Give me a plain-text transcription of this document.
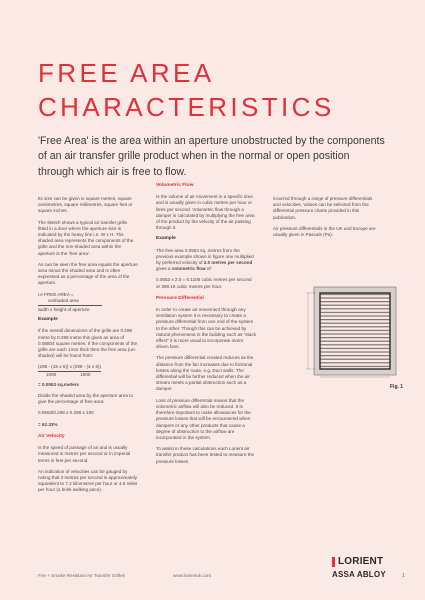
FREE AREA
CHARACTERISTICS

'Free Area' is the area within an aperture unobstructed by the components of an air transfer grille product when in the normal or open position through which air is free to flow.

Its size can be given in square metres, square centimetres, square millimetres, square feet or square inches.

The sketch shows a typical air transfer grille fitted in a door where the aperture size is indicated by the heavy line i.e. W x H. The shaded area represents the components of the grille and the non-shaded area within the aperture is the 'free area'.

As can be seen the free area equals the aperture area minus the shaded area and is often expressed as a percentage of the area of the aperture.

i.e FREE AREA =
unshaded area
width x height of aperture

Example

If the overall dimensions of the grille are 0.298 metre by 0.298 metre this gives an area of 0.08804 square metres. If the components of the grille are each 1mm thick then the free area (un-shaded) will be found from:

(298 - (15 x 6)) x (298 - (4 x 6))
1000	1000

= 0.0553 sq.meters

Divide the shaded area by the aperture area to give the percentage of free area:

0.0553/0.298 x 0.298 x 100

= 62.33%

Air Velocity

Is the speed of passage of air and is usually measured in metres per second or in imperial terms in feet per second.

An indication of velocities can be gauged by noting that 2 metres per second is approximately equivalent to 7.2 kilometres per hour or 4.5 miles per hour (a brisk walking pace).

Volumetric Flow

Is the volume of air movement in a specific time and is usually given in cubic metres per hour or litres per second. Volumetric flow through a damper is calculated by multiplying the free area of the product by the velocity of the air passing through it.

Example

The free area 0.0553 sq. metres from the previous example shown in figure one multiplied by preferred velocity of 2.0 metres per second gives a volumetric flow of:

0.0553 x 2.0 = 0.1106 cubic metres per second or 398.16 cubic metres per hour.

Pressure Differential

In order to create air movement through any ventilation system it is necessary to create a pressure differential from one end of the system to the other. Though this can be achieved by natural phenomena in the building such as "stack effect" it is more usual to incorporate motor driven fans.

The pressure differential created reduces as the distance from the fan increases due to frictional losses along the route, e.g. Duct walls. The differential will be further reduced when the air stream meets a partial obstruction such as a damper.

Loss of pressure differential means that the volumetric airflow will also be reduced. It is therefore important to make allowances for the pressure losses that will be encountered when dampers or any other products that cause a degree of obstruction to the airflow are incorporated in the system.

To assist in these calculations each Lorient air transfer product has been tested to measure the pressure losses

incurred through a range of pressure differentials and velocities. Values can be selected from the differential pressure charts provided in this publication.

Air pressure differentials in the UK and Europe are usually given in Pascals (Pa).

Fig. 1
Fire + Smoke Resistant Air Transfer Grilles	www.lorientuk.com	1
LORIENT
ASSA ABLOY
